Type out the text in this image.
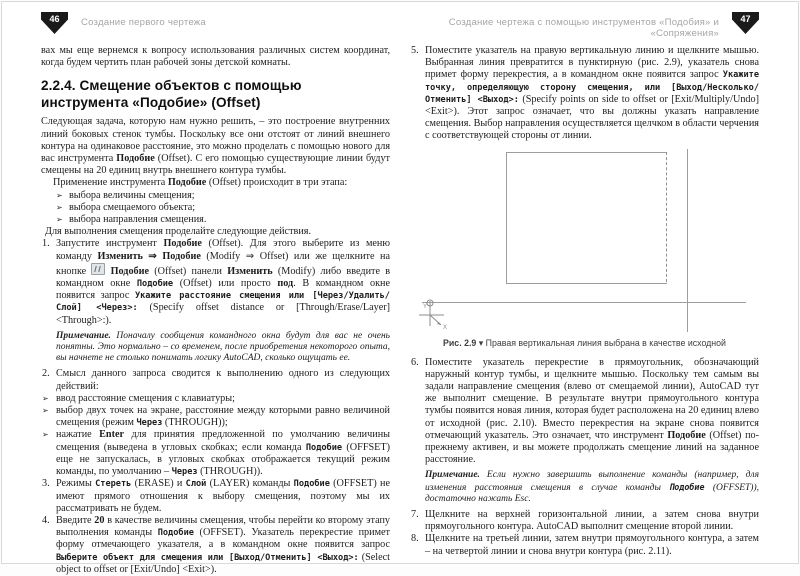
46	Создание первого чертежа

вах мы еще вернемся к вопросу использования различных систем координат, когда будем чертить план рабочей зоны детской комнаты.

2.2.4. Смещение объектов с помощью инструмента «Подобие» (Offset)

Следующая задача, которую нам нужно решить, – это построение внутренних линий боковых стенок тумбы. Поскольку все они отстоят от линий внешнего контура на одинаковое расстояние, это можно проделать с помощью нового для вас инструмента Подобие (Offset). С его помощью существующие линии будут смещены на 20 единиц внутрь внешнего контура тумбы.

Применение инструмента Подобие (Offset) происходит в три этапа:

➢ выбора величины смещения;
➢ выбора смещаемого объекта;
➢ выбора направления смещения.

Для выполнения смещения проделайте следующие действия.

1. Запустите инструмент Подобие (Offset). Для этого выберите из меню команду Изменить ⇒ Подобие (Modify ⇒ Offset) или же щелкните на кнопке  Подобие (Offset) панели Изменить (Modify) либо введите в командном окне Подобие (Offset) или просто под. В командном окне появится запрос Укажите расстояние смещения или [Через/Удалить/Слой] <Через>: (Specify offset distance or [Through/Erase/Layer] <Through>:).

Примечание. Поначалу сообщения командного окна будут для вас не очень понятны. Это нормально – со временем, после приобретения некоторого опыта, вы начнете не столько понимать логику AutoCAD, сколько ощущать ее.

2. Смысл данного запроса сводится к выполнению одного из следующих действий:
➢ ввод расстояние смещения с клавиатуры;
➢ выбор двух точек на экране, расстояние между которыми равно величиной смещения (режим Через (THROUGH));
➢ нажатие Enter для принятия предложенной по умолчанию величины смещения (выведена в угловых скобках; если команда Подобие (OFFSET) еще не запускалась, в угловых скобках отображается текущий режим команды, по умолчанию – Через (THROUGH)).
3. Режимы Стереть (ERASE) и Слой (LAYER) команды Подобие (OFFSET) не имеют прямого отношения к выбору смещения, поэтому мы их рассматривать не будем.
4. Введите 20 в качестве величины смещения, чтобы перейти ко второму этапу выполнения команды Подобие (OFFSET). Указатель перекрестие примет форму отмечающего указателя, а в командном окне появится запрос Выберите объект для смещения или [Выход/Отменить] <Выход>: (Select object to offset or [Exit/Undo] <Exit>).
Создание чертежа с помощью инструментов «Подобия» и «Сопряжения»
47
5. Поместите указатель на правую вертикальную линию и щелкните мышью. Выбранная линия превратится в пунктирную (рис. 2.9), указатель снова примет форму перекрестия, а в командном окне появится запрос Укажите точку, определяющую сторону смещения, или [Выход/Несколько/Отменить] <Выход>: (Specify points on side to offset or [Exit/Multiply/Undo] <Exit>). Этот запрос означает, что вы должны указать направление смещения. Выбор направления осуществляется щелчком в области черчения с соответствующей стороны от линии.
Y
X
Рис. 2.9 ▾ Правая вертикальная линия выбрана в качестве исходной
6. Поместите указатель перекрестие в прямоугольник, обозначающий наружный контур тумбы, и щелкните мышью. Поскольку тем самым вы задали направление смещения (влево от смещаемой линии), AutoCAD тут же выполнит смещение. В результате внутри прямоугольного контура тумбы появится новая линия, которая будет расположена на 20 единиц влево от исходной (рис. 2.10). Вместо перекрестия на экране снова появится отмечающий указатель. Это означает, что инструмент Подобие (Offset) по-прежнему активен, и вы можете продолжать смещение линий на заданное расстояние.

Примечание. Если нужно завершить выполнение команды (например, для изменения расстояния смещения в случае команды Подобие (OFFSET)), достаточно нажать Esc.

7. Щелкните на верхней горизонтальной линии, а затем снова внутри прямоугольного контура. AutoCAD выполнит смещение второй линии.
8. Щелкните на третьей линии, затем внутри прямоугольного контура, а затем – на четвертой линии и снова внутри контура (рис. 2.11).
